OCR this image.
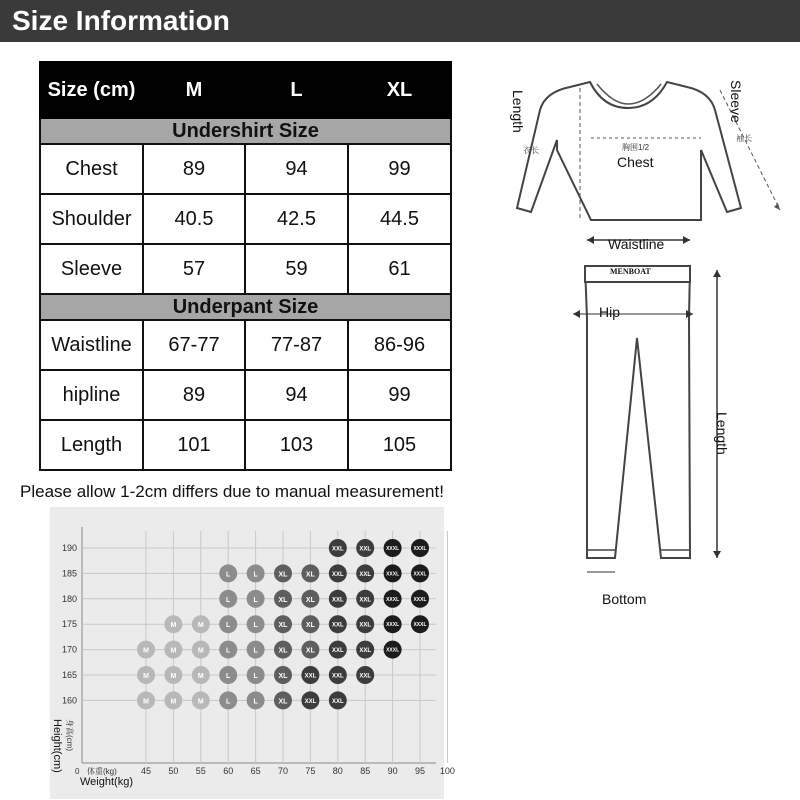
Size Information
Size (cm)	M	L	XL
Undershirt Size			
Chest	89	94	99
Shoulder	40.5	42.5	44.5
Sleeve	57	59	61
Underpant Size			
Waistline	67-77	77-87	86-96
hipline	89	94	99
Length	101	103	105
Please allow 1-2cm differs due to manual measurement!
Length
衣长
Sleeve
袖长
胸围1/2
Chest
MENBOAT
Waistline
Hip
Length
Bottom
XXL	XXL	XXXL	XXXL
L	L	XL	XL	XXL	XXL	XXXL	XXXL
L	L	XL	XL	XXL	XXL	XXXL	XXXL
M	M	L	L	XL	XL	XXL	XXL	XXXL	XXXL
M	M	M	L	L	XL	XL	XXL	XXL	XXXL
M	M	M	L	L	XL	XXL	XXL	XXL
M	M	M	L	L	XL	XXL	XXL
45 50 55 60 65 70 75 80 85 90 95 100
160
165
170
175
180
185
190
0 体重(kg)
Weight(kg)
身高(cm)
Height(cm)
